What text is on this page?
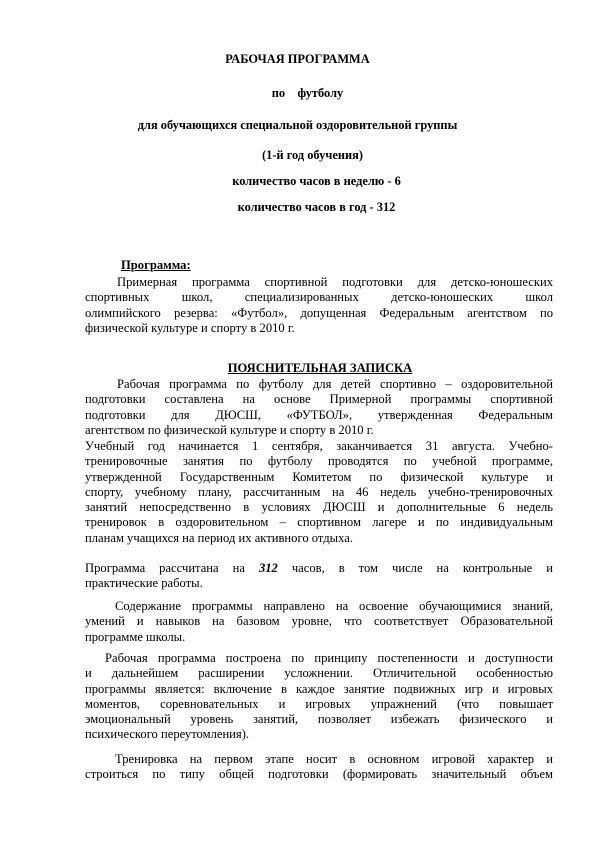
РАБОЧАЯ ПРОГРАММА
по    футболу
для обучающихся специальной оздоровительной группы
(1-й год обучения)
количество часов в неделю - 6
количество часов в год - 312
Программа:
Примерная программа спортивной подготовки для детско-юношеских
спортивных школ, специализированных детско-юношеских школ
олимпийского резерва: «Футбол», допущенная Федеральным агентством по
физической культуре и спорту в 2010 г.
ПОЯСНИТЕЛЬНАЯ ЗАПИСКА
Рабочая программа по футболу для детей спортивно – оздоровительной
подготовки составлена на основе Примерной программы спортивной
подготовки для ДЮСШ, «ФУТБОЛ», утвержденная Федеральным
агентством по физической культуре и спорту в 2010 г.
Учебный год начинается 1 сентября, заканчивается 31 августа. Учебно-
тренировочные занятия по футболу проводятся по учебной программе,
утвержденной Государственным Комитетом по физической культуре и
спорту, учебному плану, рассчитанным на 46 недель учебно-тренировочных
занятий непосредственно в условиях ДЮСШ и дополнительные 6 недель
тренировок в оздоровительном – спортивном лагере и по индивидуальным
планам учащихся на период их активного отдыха.
Программа рассчитана на 312 часов, в том числе на контрольные и
практические работы.
Содержание программы направлено на освоение обучающимися знаний,
умений и навыков на базовом уровне, что соответствует Образовательной
программе школы.
Рабочая программа построена по принципу постепенности и доступности
и дальнейшем расширении усложнении. Отличительной особенностью
программы является: включение в каждое занятие подвижных игр и игровых
моментов, соревновательных и игровых упражнений (что повышает
эмоциональный уровень занятий, позволяет избежать физического и
психического переутомления).
Тренировка на первом этапе носит в основном игровой характер и
строиться по типу общей подготовки (формировать значительный объем
